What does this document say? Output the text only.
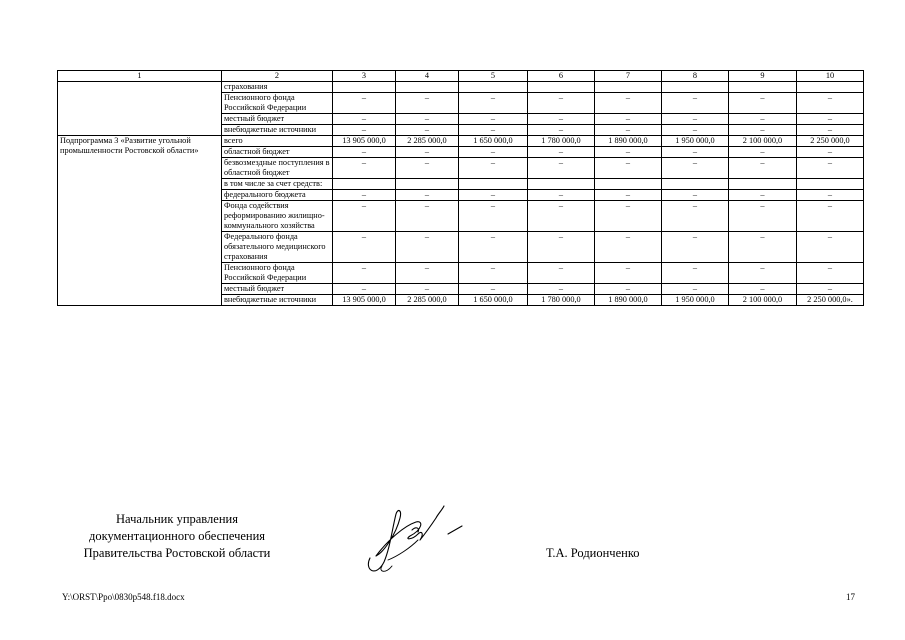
1	2	3	4	5	6	7	8	9	10
	страхования								
	Пенсионного фонда Российской Федерации	–	–	–	–	–	–	–	–
	местный бюджет	–	–	–	–	–	–	–	–
	внебюджетные источники	–	–	–	–	–	–	–	–
Подпрограмма 3 «Развитие угольной промышленности Ростовской области»	всего	13 905 000,0	2 285 000,0	1 650 000,0	1 780 000,0	1 890 000,0	1 950 000,0	2 100 000,0	2 250 000,0
	областной бюджет	–	–	–	–	–	–	–	–
	безвозмездные поступления в областной бюджет	–	–	–	–	–	–	–	–
	в том числе за счет средств:								
	федерального бюджета	–	–	–	–	–	–	–	–
	Фонда содействия реформированию жилищно-коммунального хозяйства	–	–	–	–	–	–	–	–
	Федерального фонда обязательного медицинского страхования	–	–	–	–	–	–	–	–
	Пенсионного фонда Российской Федерации	–	–	–	–	–	–	–	–
	местный бюджет	–	–	–	–	–	–	–	–
	внебюджетные источники	13 905 000,0	2 285 000,0	1 650 000,0	1 780 000,0	1 890 000,0	1 950 000,0	2 100 000,0	2 250 000,0».
Начальник управления
документационного обеспечения
Правительства Ростовской области	Т.А. Родионченко
Y:\ORST\Ppo\0830p548.f18.docx	17
